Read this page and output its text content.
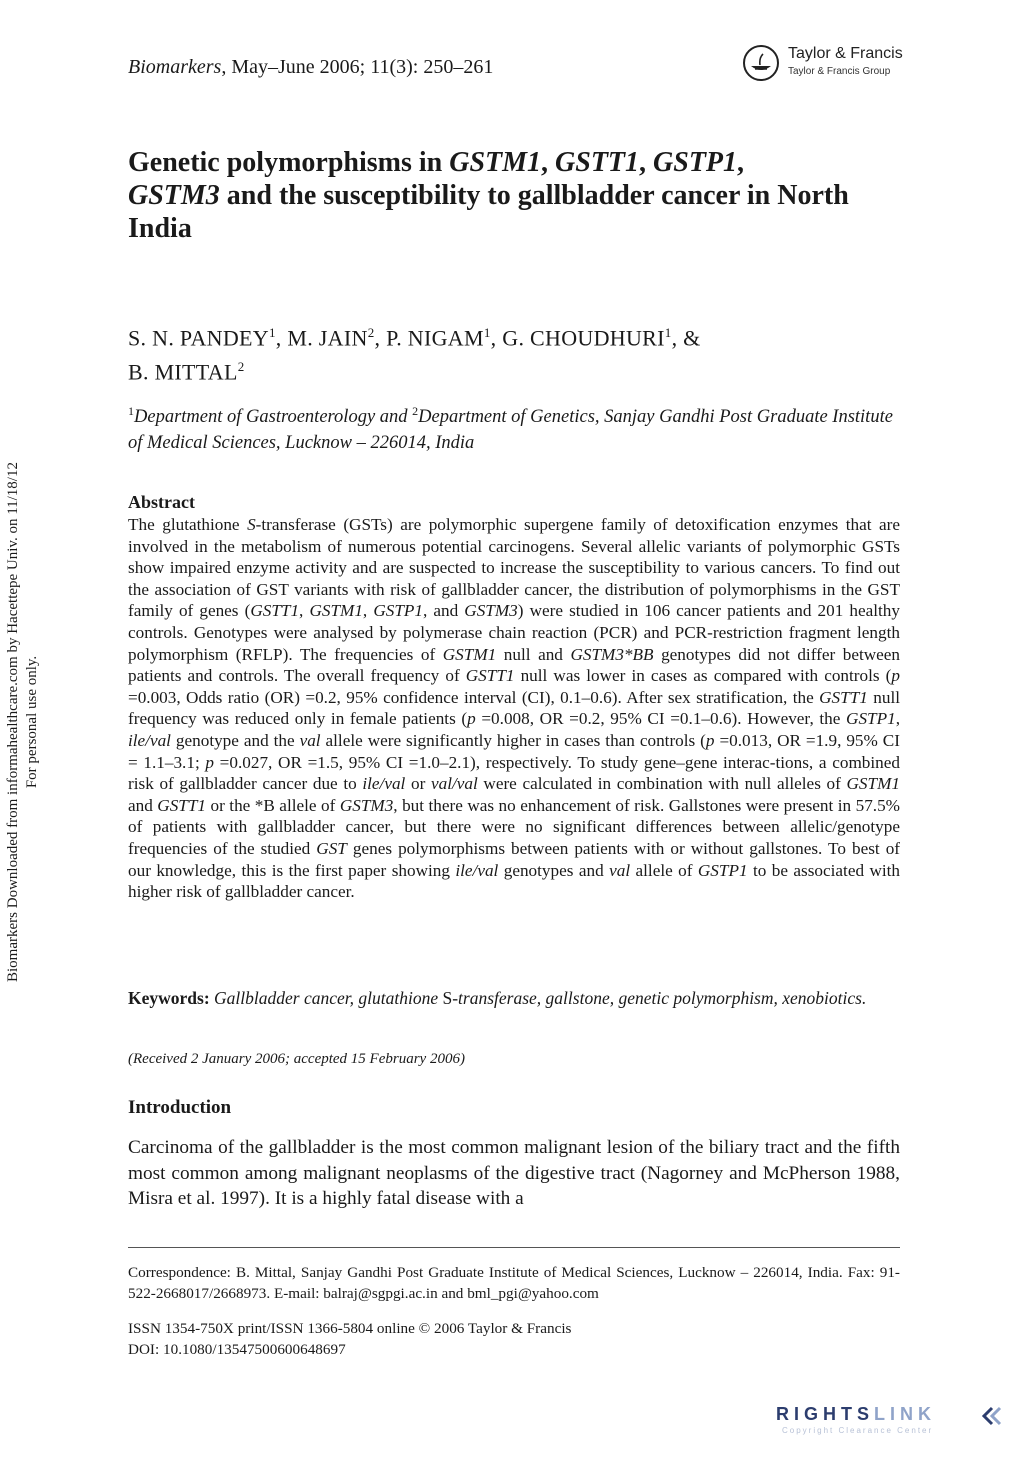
Biomarkers, May–June 2006; 11(3): 250–261
Taylor & Francis
Taylor & Francis Group
Genetic polymorphisms in GSTM1, GSTT1, GSTP1,
GSTM3 and the susceptibility to gallbladder cancer in North India
S. N. PANDEY$^1$, M. JAIN$^2$, P. NIGAM$^1$, G. CHOUDHURI$^1$, &
B. MITTAL$^2$
$^1$Department of Gastroenterology and $^2$Department of Genetics, Sanjay Gandhi Post Graduate Institute of Medical Sciences, Lucknow – 226014, India
Biomarkers Downloaded from informahealthcare.com by Hacettepe Univ. on 11/18/12 For personal use only.
Abstract
The glutathione S-transferase (GSTs) are polymorphic supergene family of detoxification enzymes that are involved in the metabolism of numerous potential carcinogens. Several allelic variants of polymorphic GSTs show impaired enzyme activity and are suspected to increase the susceptibility to various cancers. To find out the association of GST variants with risk of gallbladder cancer, the distribution of polymorphisms in the GST family of genes (GSTT1, GSTM1, GSTP1, and GSTM3) were studied in 106 cancer patients and 201 healthy controls. Genotypes were analysed by polymerase chain reaction (PCR) and PCR-restriction fragment length polymorphism (RFLP). The frequencies of GSTM1 null and GSTM3*BB genotypes did not differ between patients and controls. The overall frequency of GSTT1 null was lower in cases as compared with controls (p =0.003, Odds ratio (OR) =0.2, 95% confidence interval (CI), 0.1–0.6). After sex stratification, the GSTT1 null frequency was reduced only in female patients (p =0.008, OR =0.2, 95% CI =0.1–0.6). However, the GSTP1, ile/val genotype and the val allele were significantly higher in cases than controls (p =0.013, OR =1.9, 95% CI = 1.1–3.1; p =0.027, OR =1.5, 95% CI =1.0–2.1), respectively. To study gene–gene interac-tions, a combined risk of gallbladder cancer due to ile/val or val/val were calculated in combination with null alleles of GSTM1 and GSTT1 or the *B allele of GSTM3, but there was no enhancement of risk. Gallstones were present in 57.5% of patients with gallbladder cancer, but there were no significant differences between allelic/genotype frequencies of the studied GST genes polymorphisms between patients with or without gallstones. To best of our knowledge, this is the first paper showing ile/val genotypes and val allele of GSTP1 to be associated with higher risk of gallbladder cancer.
Keywords: Gallbladder cancer, glutathione S-transferase, gallstone, genetic polymorphism, xenobiotics.
(Received 2 January 2006; accepted 15 February 2006)
Introduction
Carcinoma of the gallbladder is the most common malignant lesion of the biliary tract and the fifth most common among malignant neoplasms of the digestive tract (Nagorney and McPherson 1988, Misra et al. 1997). It is a highly fatal disease with a
Correspondence: B. Mittal, Sanjay Gandhi Post Graduate Institute of Medical Sciences, Lucknow – 226014, India. Fax: 91-522-2668017/2668973. E-mail: balraj@sgpgi.ac.in and bml_pgi@yahoo.com
ISSN 1354-750X print/ISSN 1366-5804 online © 2006 Taylor & Francis
DOI: 10.1080/13547500600648697
RIGHTSLINK
Copyright Clearance Center
